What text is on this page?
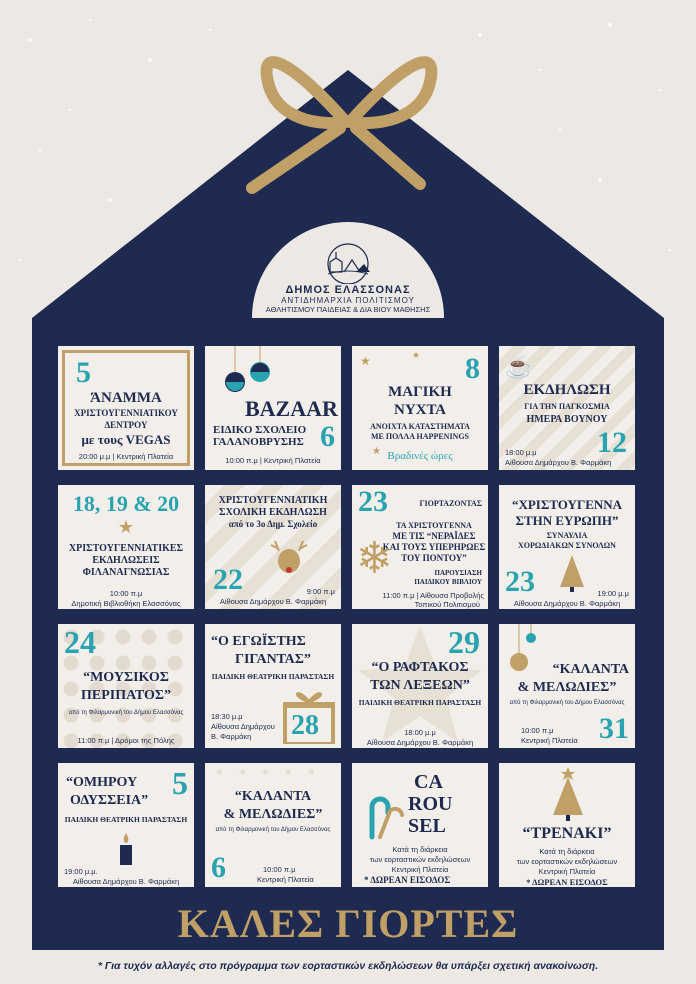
ΔΗΜΟΣ ΕΛΑΣΣΟΝΑΣ
ΑΝΤΙΔΗΜΑΡΧΙΑ ΠΟΛΙΤΙΣΜΟΥ
ΑΘΛΗΤΙΣΜΟΥ ΠΑΙΔΕΙΑΣ & ΔΙΑ ΒΙΟΥ ΜΑΘΗΣΗΣ
5
ΆΝΑΜΜΑ
ΧΡΙΣΤΟΥΓΕΝΝΙΑΤΙΚΟΥ
ΔΕΝΤΡΟΥ
με τους VEGAS
20:00 μ.μ | Κεντρική Πλατεία
BAZAAR
ΕΙΔΙΚΟ ΣΧΟΛΕΙΟ
ΓΑΛΑΝΟΒΡΥΣΗΣ 6
10:00 π.μ | Κεντρική Πλατεία
★	★
★
8
ΜΑΓΙΚΗ
ΝΥΧΤΑ
ΑΝΟΙΧΤΑ ΚΑΤΑΣΤΗΜΑΤΑ
ΜΕ ΠΟΛΛΑ HAPPENINGS
Βραδινές ώρες
☕
ΕΚΔΗΛΩΣΗ
ΓΙΑ ΤΗΝ ΠΑΓΚΟΣΜΙΑ
ΗΜΕΡΑ ΒΟΥΝΟΥ
12
18:00 μ.μ
Αίθουσα Δημάρχου Β. Φαρμάκη
18, 19 & 20
★
ΧΡΙΣΤΟΥΓΕΝΝΙΑΤΙΚΕΣ
ΕΚΔΗΛΩΣΕΙΣ
ΦΙΛΑΝΑΓΝΩΣΙΑΣ
10:00 π.μ
Δημοτική Βιβλιοθήκη Ελασσόνας
ΧΡΙΣΤΟΥΓΕΝΝΙΑΤΙΚΗ
ΣΧΟΛΙΚΗ ΕΚΔΗΛΩΣΗ
από το 3ο Δημ. Σχολείο
22	9:00 π.μ
Αίθουσα Δημάρχου Β. Φαρμάκη
23	ΓΙΟΡΤΑΖΟΝΤΑΣ
ΤΑ ΧΡΙΣΤΟΥΓΕΝΝΑ
ΜΕ ΤΙΣ “ΝΕΡΑΪΔΕΣ
ΚΑΙ ΤΟΥΣ ΥΠΕΡΗΡΩΕΣ
ΤΟΥ ΠΟΝΤΟΥ”
ΠΑΡΟΥΣΙΑΣΗ
ΠΑΙΔΙΚΟΥ ΒΙΒΛΙΟΥ
❄
11:00 π.μ | Αίθουσα Προβολής
Τοπικού Πολιτισμού
“ΧΡΙΣΤΟΥΓΕΝΝΑ
ΣΤΗΝ ΕΥΡΩΠΗ”
ΣΥΝΑΥΛΙΑ
ΧΟΡΩΔΙΑΚΩΝ ΣΥΝΟΛΩΝ
23	19:00 μ.μ
Αίθουσα Δημάρχου Β. Φαρμάκη
24
“ΜΟΥΣΙΚΟΣ
ΠΕΡΙΠΑΤΟΣ”
από τη Φιλαρμονική του Δήμου Ελασσόνας
11:00 π.μ | Δρόμοι της Πόλης
“Ο ΕΓΩΪΣΤΗΣ
ΓΙΓΑΝΤΑΣ”
ΠΑΙΔΙΚΗ ΘΕΑΤΡΙΚΗ ΠΑΡΑΣΤΑΣΗ
18:30 μ.μ
Αίθουσα Δημάρχου
Β. Φαρμάκη 28
29
“Ο ΡΑΦΤΑΚΟΣ
ΤΩΝ ΛΕΞΕΩΝ”
ΠΑΙΔΙΚΗ ΘΕΑΤΡΙΚΗ ΠΑΡΑΣΤΑΣΗ
18:00 μ.μ
Αίθουσα Δημάρχου Β. Φαρμάκη
“ΚΑΛΑΝΤΑ
& ΜΕΛΩΔΙΕΣ”
από τη Φιλαρμονική του Δήμου Ελασσόνας
10:00 π.μ
Κεντρική Πλατεία 31
“ΟΜΗΡΟΥ
ΟΔΥΣΣΕΙΑ” 5
ΠΑΙΔΙΚΗ ΘΕΑΤΡΙΚΗ ΠΑΡΑΣΤΑΣΗ
19:00 μ.μ.
Αίθουσα Δημάρχου Β. Φαρμάκη
★★★★★
“ΚΑΛΑΝΤΑ
& ΜΕΛΩΔΙΕΣ”
από τη Φιλαρμονική του Δήμου Ελασσόνας
6	10:00 π.μ
Κεντρική Πλατεία
CA
ROU
SEL
Κατά τη διάρκεια
των εορταστικών εκδηλώσεων
Κεντρική Πλατεία
* ΔΩΡΕΑΝ ΕΙΣΟΔΟΣ
“ΤΡΕΝΑΚΙ”
Κατά τη διάρκεια
των εορταστικών εκδηλώσεων
Κεντρική Πλατεία
* ΔΩΡΕΑΝ ΕΙΣΟΔΟΣ
ΚΑΛΕΣ ΓΙΟΡΤΕΣ
* Για τυχόν αλλαγές στο πρόγραμμα των εορταστικών εκδηλώσεων θα υπάρξει σχετική ανακοίνωση.
